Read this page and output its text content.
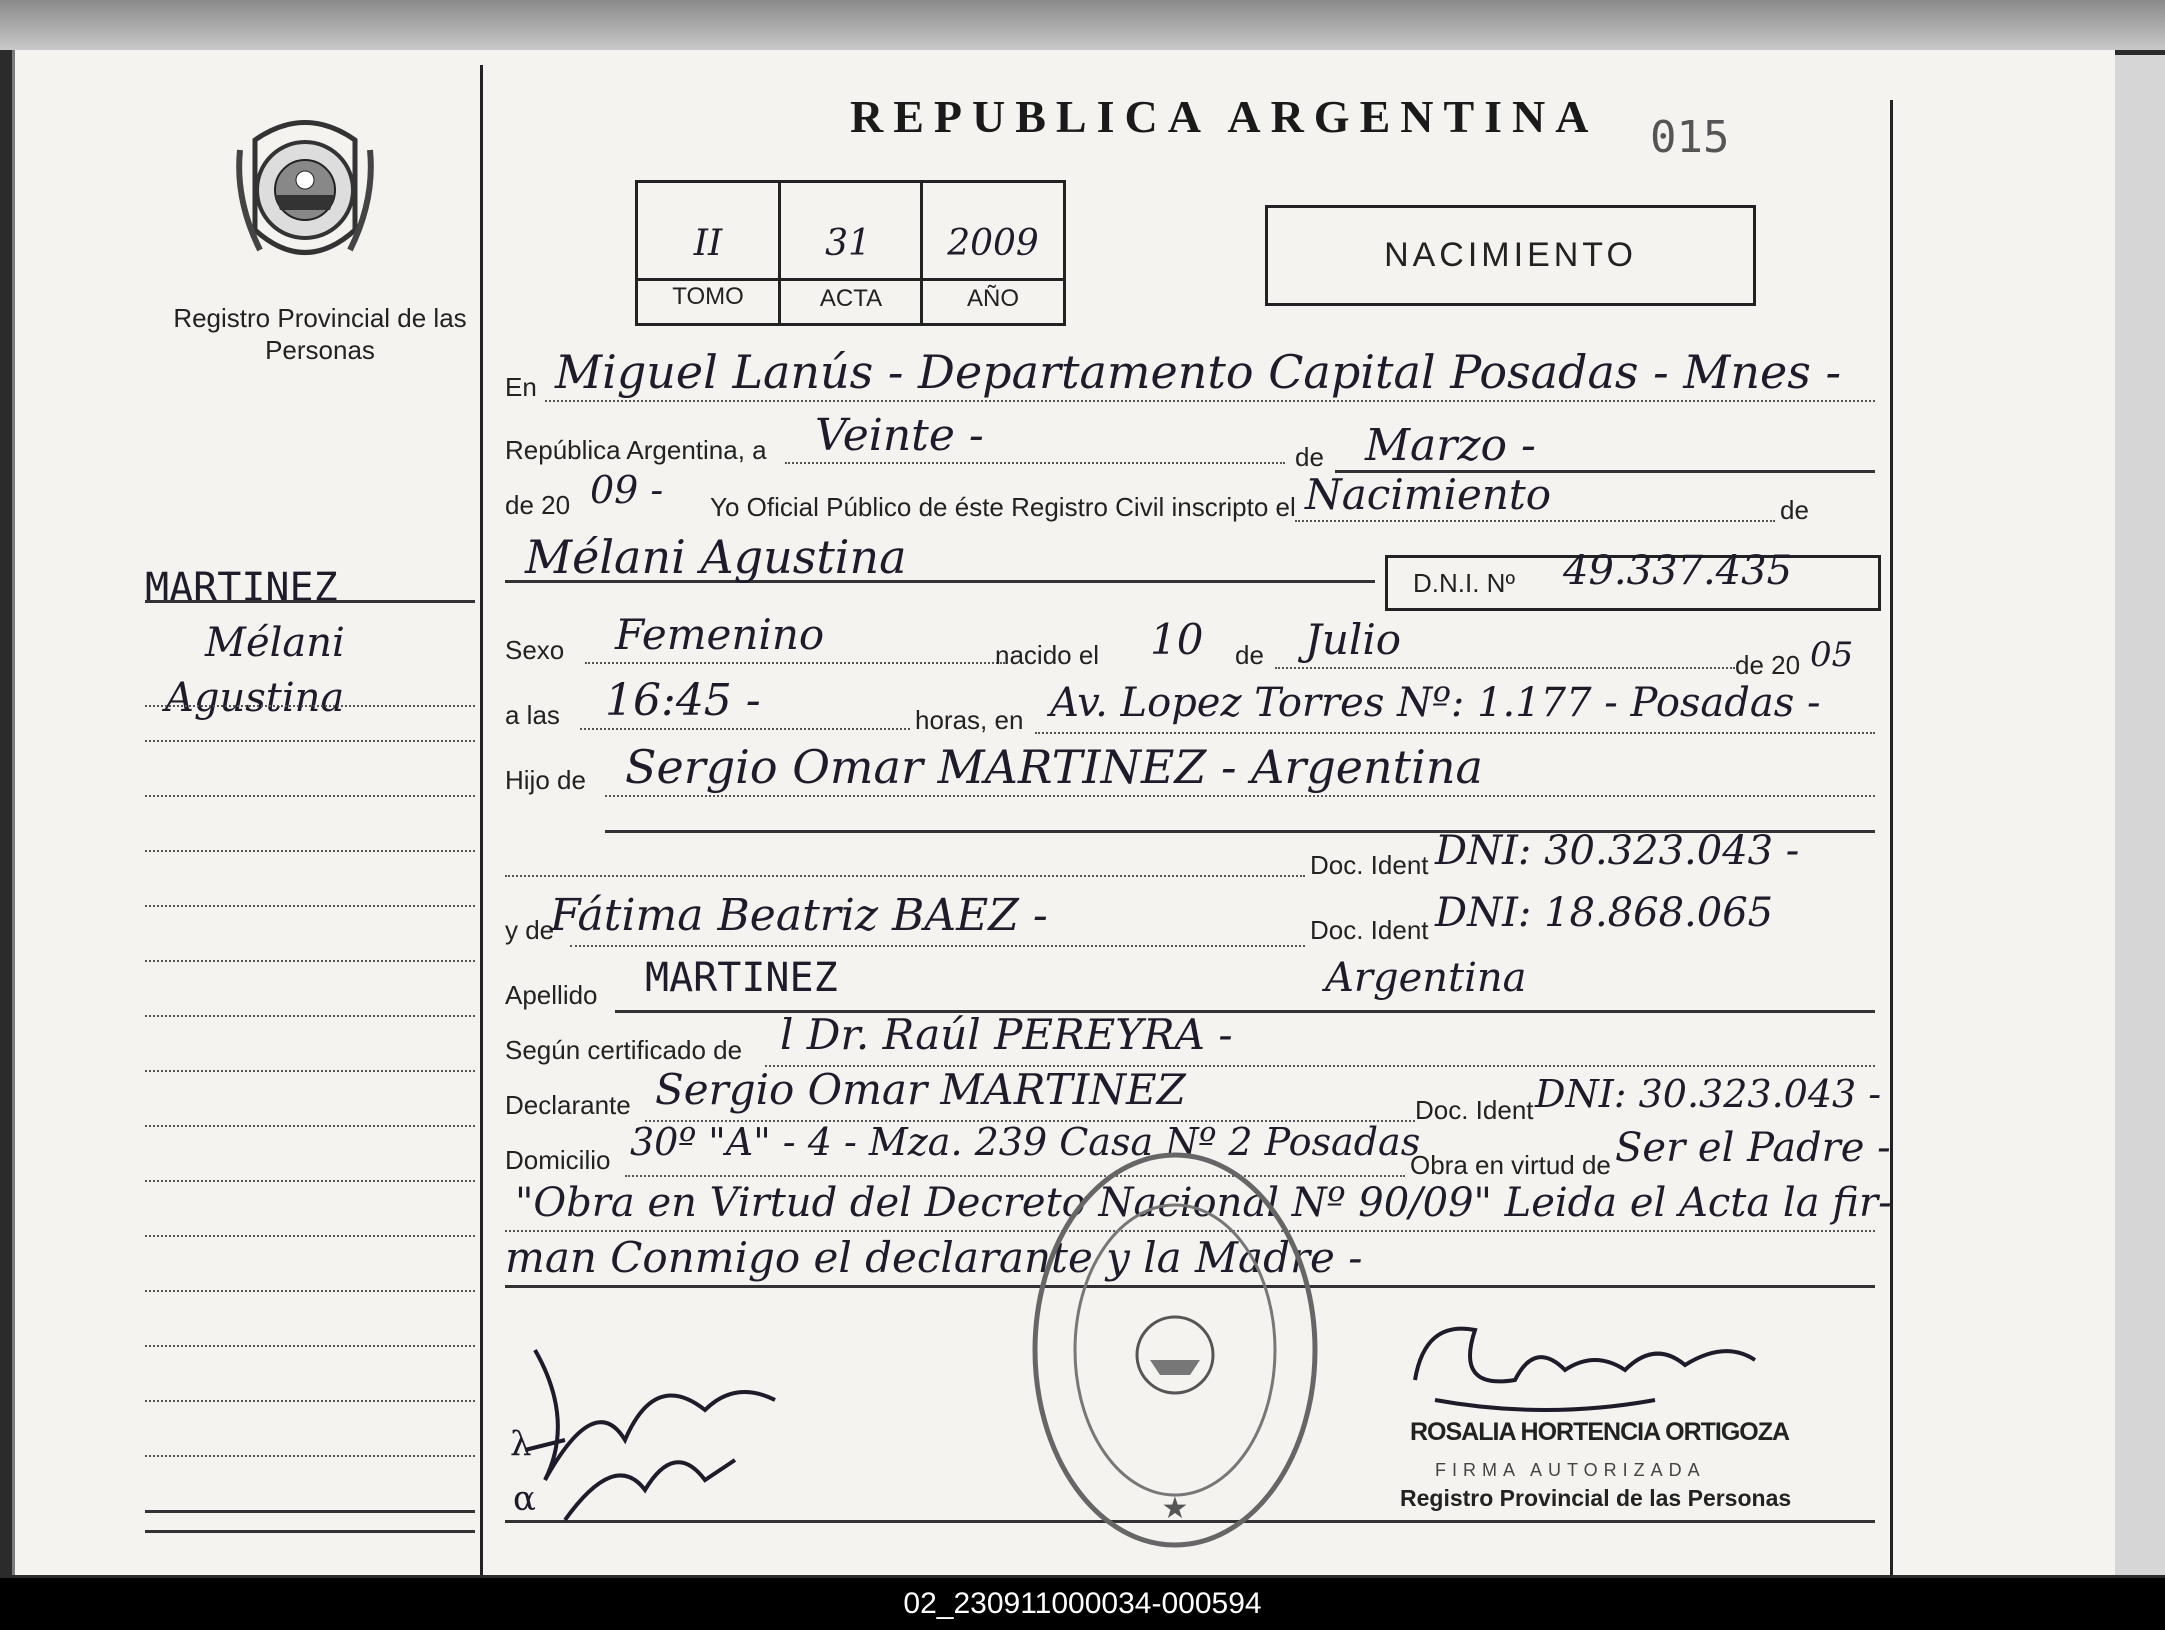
Registro Provincial de las Personas
MARTINEZ
Mélani
Agustina
REPUBLICA ARGENTINA 015
II	31	2009
TOMO	ACTA	AÑO
NACIMIENTO
En Miguel Lanús - Departamento Capital Posadas - Mnes -
República Argentina, a Veinte -	de Marzo -
de 20 09 - Yo Oficial Público de éste Registro Civil inscripto el Nacimiento	de
Mélani Agustina	D.N.I. Nº 49.337.435
Sexo Femenino	nacido el 10 de Julio
de 20 05
a las 16:45 -	horas, en Av. Lopez Torres Nº: 1.177 - Posadas -
Hijo de Sergio Omar MARTINEZ - Argentina
Doc. Ident DNI: 30.323.043 -
y de
Fátima Beatriz BAEZ -	Doc. Ident DNI: 18.868.065
Apellido MARTINEZ	Argentina
Según certificado de l Dr. Raúl PEREYRA -
Declarante Sergio Omar MARTINEZ	Doc. Ident DNI: 30.323.043 -
Domicilio 30º "A" - 4 - Mza. 239 Casa Nº 2 Posadas
Obra en virtud de Ser el Padre -
"Obra en Virtud del Decreto Nacional Nº 90/09" Leida el Acta la fir-
man Conmigo el declarante y la Madre -
λ
α	★
ROSALIA HORTENCIA ORTIGOZA
FIRMA AUTORIZADA
Registro Provincial de las Personas
02_230911000034-000594
